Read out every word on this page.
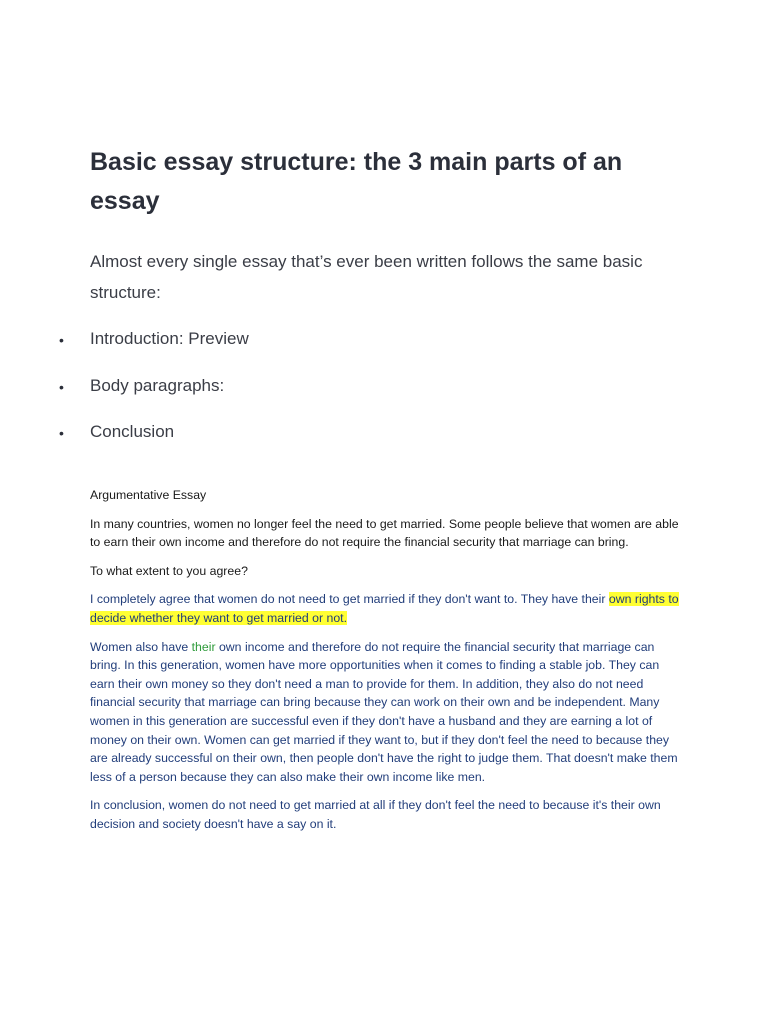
Basic essay structure: the 3 main parts of an essay

Almost every single essay that’s ever been written follows the same basic structure:

• Introduction: Preview
• Body paragraphs:
• Conclusion

Argumentative Essay

In many countries, women no longer feel the need to get married. Some people believe that women are able to earn their own income and therefore do not require the financial security that marriage can bring.

To what extent to you agree?

I completely agree that women do not need to get married if they don't want to. They have their own rights to decide whether they want to get married or not.

Women also have their own income and therefore do not require the financial security that marriage can bring. In this generation, women have more opportunities when it comes to finding a stable job. They can earn their own money so they don't need a man to provide for them. In addition, they also do not need financial security that marriage can bring because they can work on their own and be independent. Many women in this generation are successful even if they don't have a husband and they are earning a lot of money on their own. Women can get married if they want to, but if they don't feel the need to because they are already successful on their own, then people don't have the right to judge them. That doesn't make them less of a person because they can also make their own income like men.

In conclusion, women do not need to get married at all if they don't feel the need to because it's their own decision and society doesn't have a say on it.
